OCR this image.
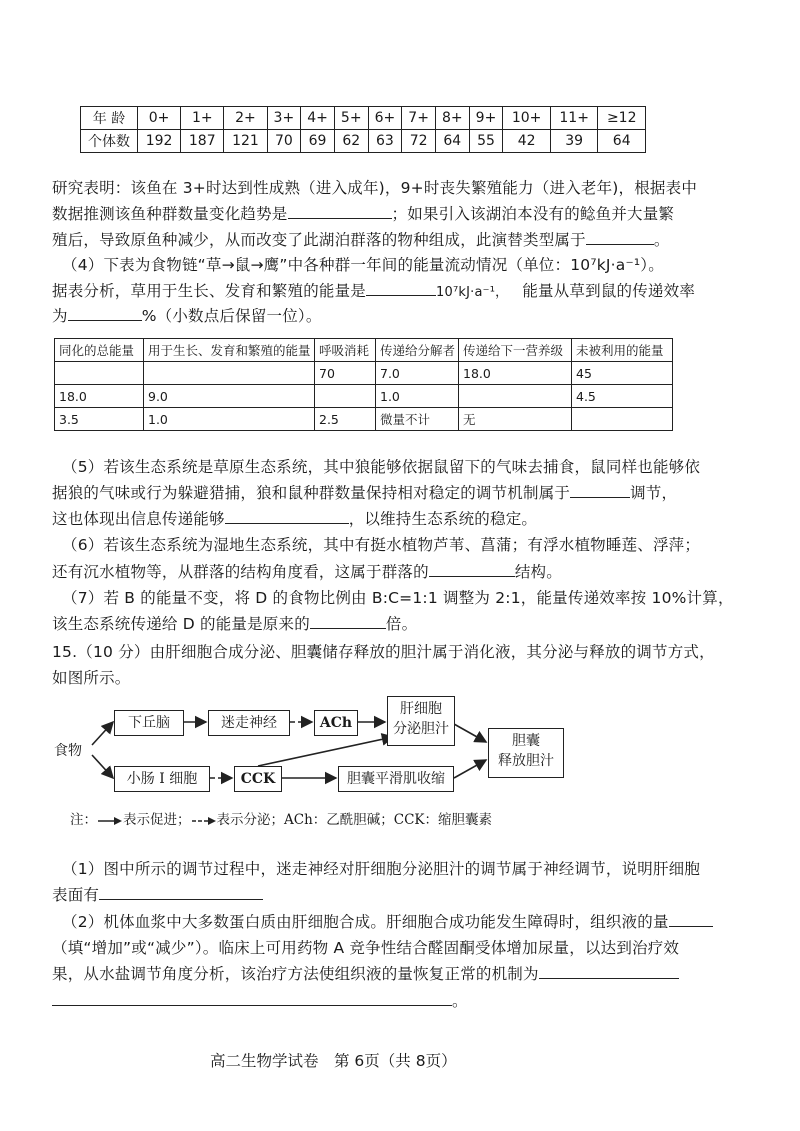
年 龄	0+	1+	2+	3+	4+	5+	6+	7+	8+	9+	10+	11+	≥12
个体数	192	187	121	70	69	62	63	72	64	55	42	39	64
研究表明：该鱼在 3+时达到性成熟（进入成年)，9+时丧失繁殖能力（进入老年)，根据表中
数据推测该鱼种群数量变化趋势是	；如果引入该湖泊本没有的鲶鱼并大量繁
殖后，导致原鱼种减少，从而改变了此湖泊群落的物种组成，此演替类型属于	。
（4）下表为食物链“草→鼠→鹰”中各种群一年间的能量流动情况（单位：10⁷kJ·a⁻¹）。
据表分析，草用于生长、发育和繁殖的能量是	10⁷kJ·a⁻¹， 能量从草到鼠的传递效率
为	%（小数点后保留一位）。
同化的总能量	用于生长、发育和繁殖的能量	呼吸消耗	传递给分解者	传递给下一营养级	未被利用的能量
		70	7.0	18.0	45
18.0	9.0		1.0		4.5
3.5	1.0	2.5	微量不计	无	
（5）若该生态系统是草原生态系统，其中狼能够依据鼠留下的气味去捕食，鼠同样也能够依
据狼的气味或行为躲避猎捕，狼和鼠种群数量保持相对稳定的调节机制属于	调节，
这也体现出信息传递能够	，以维持生态系统的稳定。
（6）若该生态系统为湿地生态系统，其中有挺水植物芦苇、菖蒲；有浮水植物睡莲、浮萍；
还有沉水植物等，从群落的结构角度看，这属于群落的	结构。
（7）若 B 的能量不变，将 D 的食物比例由 B:C=1:1 调整为 2:1，能量传递效率按 10%计算，
该生态系统传递给 D 的能量是原来的	倍。
15.（10 分）由肝细胞合成分泌、胆囊储存释放的胆汁属于消化液，其分泌与释放的调节方式，
如图所示。
食物
下丘脑	迷走神经	ACh
肝细胞
分泌胆汁
小肠 I 细胞	CCK	胆囊平滑肌收缩
胆囊
释放胆汁
注： 表示促进； 表示分泌；ACh：乙酰胆碱；CCK：缩胆囊素
（1）图中所示的调节过程中，迷走神经对肝细胞分泌胆汁的调节属于神经调节，说明肝细胞
表面有
（2）机体血浆中大多数蛋白质由肝细胞合成。肝细胞合成功能发生障碍时，组织液的量
（填“增加”或“减少”）。临床上可用药物 A 竞争性结合醛固酮受体增加尿量，以达到治疗效
果，从水盐调节角度分析，该治疗方法使组织液的量恢复正常的机制为
。
高二生物学试卷　第 6页（共 8页）
